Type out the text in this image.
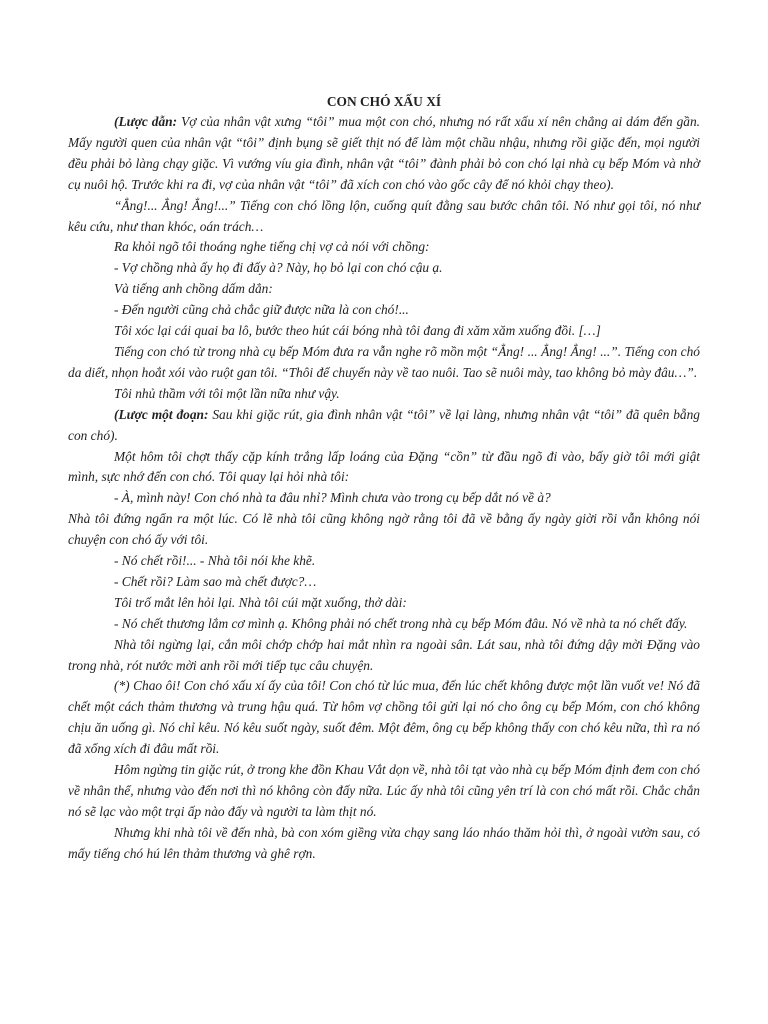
CON CHÓ XẤU XÍ

(Lược dẫn: Vợ của nhân vật xưng “tôi” mua một con chó, nhưng nó rất xấu xí nên chẳng ai dám đến gần. Mấy người quen của nhân vật “tôi” định bụng sẽ giết thịt nó để làm một chầu nhậu, nhưng rồi giặc đến, mọi người đều phải bỏ làng chạy giặc. Vì vướng víu gia đình, nhân vật “tôi” đành phải bỏ con chó lại nhà cụ bếp Móm và nhờ cụ nuôi hộ. Trước khi ra đi, vợ của nhân vật “tôi” đã xích con chó vào gốc cây để nó khỏi chạy theo).

“Ẳng!... Ẳng! Ẳng!...” Tiếng con chó lồng lộn, cuống quít đằng sau bước chân tôi. Nó như gọi tôi, nó như kêu cứu, như than khóc, oán trách…

Ra khỏi ngõ tôi thoáng nghe tiếng chị vợ cả nói với chồng:

- Vợ chồng nhà ấy họ đi đấy à? Này, họ bỏ lại con chó cậu ạ.

Và tiếng anh chồng dấm dẳn:

- Đến người cũng chả chắc giữ được nữa là con chó!...

Tôi xóc lại cái quai ba lô, bước theo hút cái bóng nhà tôi đang đi xăm xăm xuống đồi. […]

Tiếng con chó từ trong nhà cụ bếp Móm đưa ra vẫn nghe rõ mồn một “Ẳng! ... Ẳng! Ẳng! ...”. Tiếng con chó da diết, nhọn hoắt xói vào ruột gan tôi. “Thôi để chuyến này về tao nuôi. Tao sẽ nuôi mày, tao không bỏ mày đâu…”.

Tôi nhủ thầm với tôi một lần nữa như vậy.

(Lược một đoạn: Sau khi giặc rút, gia đình nhân vật “tôi” về lại làng, nhưng nhân vật “tôi” đã quên bẵng con chó).

Một hôm tôi chợt thấy cặp kính trắng lấp loáng của Đặng “cồn” từ đầu ngõ đi vào, bấy giờ tôi mới giật mình, sực nhớ đến con chó. Tôi quay lại hỏi nhà tôi:

- À, mình này! Con chó nhà ta đâu nhỉ? Mình chưa vào trong cụ bếp dắt nó về à?

Nhà tôi đứng ngẩn ra một lúc. Có lẽ nhà tôi cũng không ngờ rằng tôi đã về bằng ấy ngày giời rồi vẫn không nói chuyện con chó ấy với tôi.

- Nó chết rồi!... - Nhà tôi nói khe khẽ.

- Chết rồi? Làm sao mà chết được?…

Tôi trố mắt lên hỏi lại. Nhà tôi cúi mặt xuống, thở dài:

- Nó chết thương lắm cơ mình ạ. Không phải nó chết trong nhà cụ bếp Móm đâu. Nó về nhà ta nó chết đấy.

Nhà tôi ngừng lại, cắn môi chớp chớp hai mắt nhìn ra ngoài sân. Lát sau, nhà tôi đứng dậy mời Đặng vào trong nhà, rót nước mời anh rồi mới tiếp tục câu chuyện.

(*) Chao ôi! Con chó xấu xí ấy của tôi! Con chó từ lúc mua, đến lúc chết không được một lần vuốt ve! Nó đã chết một cách thảm thương và trung hậu quá. Từ hôm vợ chồng tôi gửi lại nó cho ông cụ bếp Móm, con chó không chịu ăn uống gì. Nó chỉ kêu. Nó kêu suốt ngày, suốt đêm. Một đêm, ông cụ bếp không thấy con chó kêu nữa, thì ra nó đã xổng xích đi đâu mất rồi.

Hôm ngừng tin giặc rút, ở trong khe đồn Khau Vắt dọn về, nhà tôi tạt vào nhà cụ bếp Móm định đem con chó về nhân thể, nhưng vào đến nơi thì nó không còn đấy nữa. Lúc ấy nhà tôi cũng yên trí là con chó mất rồi. Chắc chắn nó sẽ lạc vào một trại ấp nào đấy và người ta làm thịt nó.

Nhưng khi nhà tôi về đến nhà, bà con xóm giềng vừa chạy sang láo nháo thăm hỏi thì, ở ngoài vườn sau, có mấy tiếng chó hú lên thảm thương và ghê rợn.
